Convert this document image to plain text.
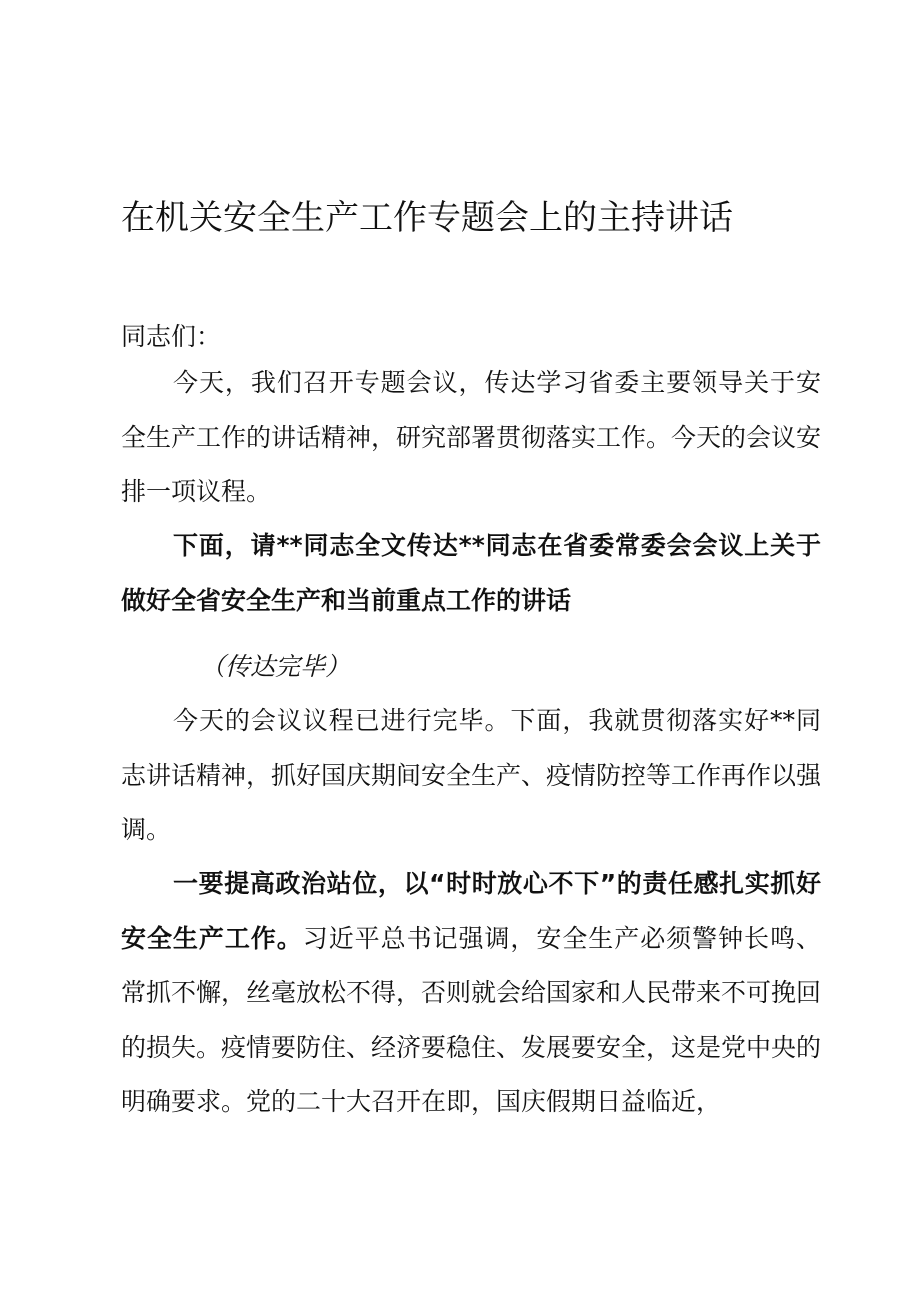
在机关安全生产工作专题会上的主持讲话

同志们：

今天，我们召开专题会议，传达学习省委主要领导关于安全生产工作的讲话精神，研究部署贯彻落实工作。今天的会议安排一项议程。

下面，请**同志全文传达**同志在省委常委会会议上关于做好全省安全生产和当前重点工作的讲话

（传达完毕）

今天的会议议程已进行完毕。下面，我就贯彻落实好**同志讲话精神，抓好国庆期间安全生产、疫情防控等工作再作以强调。

一要提高政治站位，以“时时放心不下”的责任感扎实抓好安全生产工作。习近平总书记强调，安全生产必须警钟长鸣、常抓不懈，丝毫放松不得，否则就会给国家和人民带来不可挽回的损失。疫情要防住、经济要稳住、发展要安全，这是党中央的明确要求。党的二十大召开在即，国庆假期日益临近，
